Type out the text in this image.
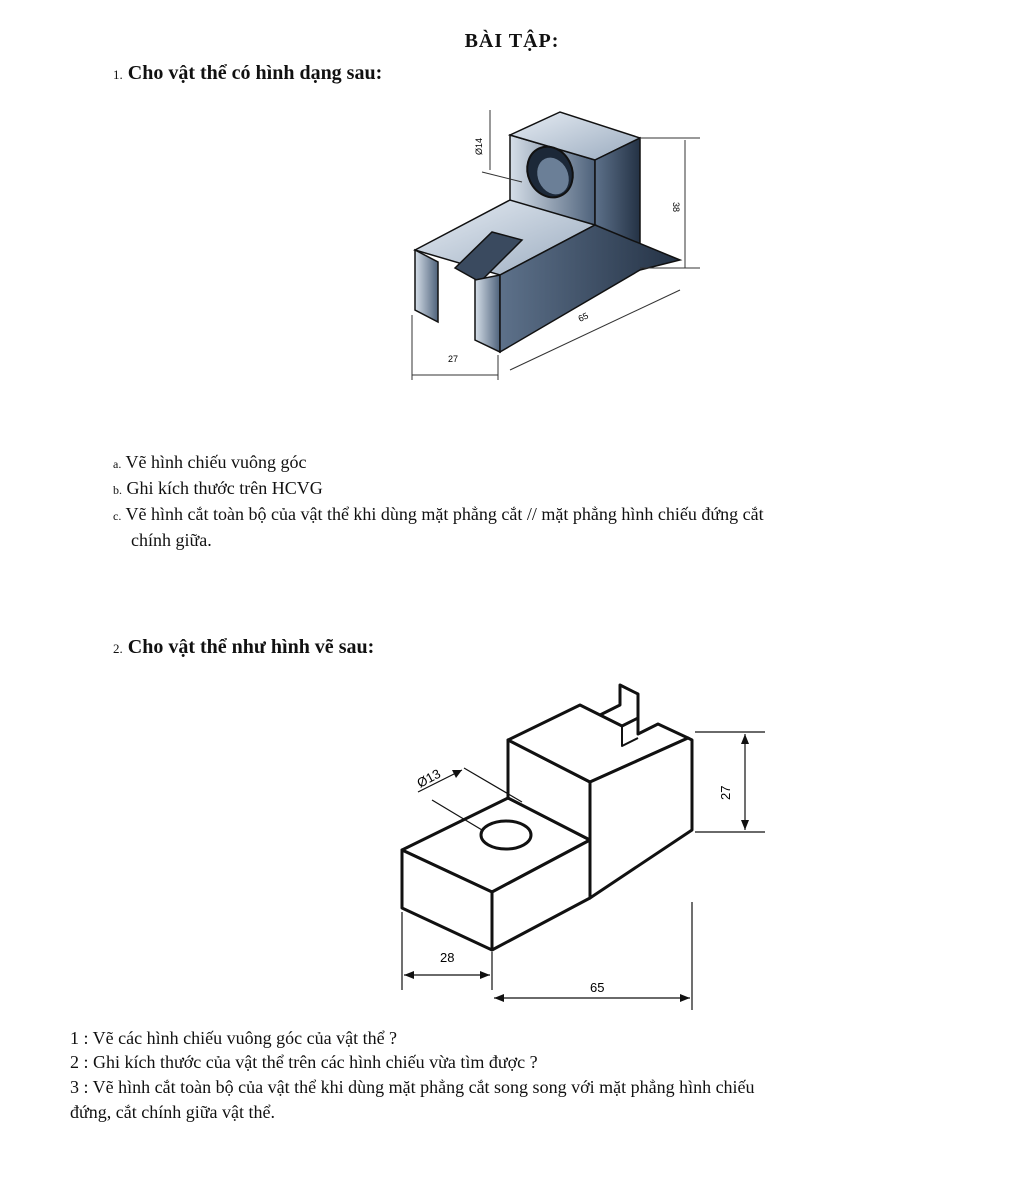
BÀI TẬP:
1. Cho vật thể có hình dạng sau:
38
65
27
Ø14
a. Vẽ hình chiếu vuông góc
b. Ghi kích thước trên HCVG
c. Vẽ hình cắt toàn bộ của vật thể khi dùng mặt phẳng cắt // mặt phẳng hình chiếu đứng cắt
chính giữa.
2. Cho vật thể như hình vẽ sau:
27
28
65
Ø13
1 : Vẽ các hình chiếu vuông góc của vật thể ?
2 : Ghi kích thước của vật thể trên các hình chiếu vừa tìm được ?
3 : Vẽ hình cắt toàn bộ của vật thể khi dùng mặt phẳng cắt song song với mặt phẳng hình chiếu
đứng, cắt chính giữa vật thể.
